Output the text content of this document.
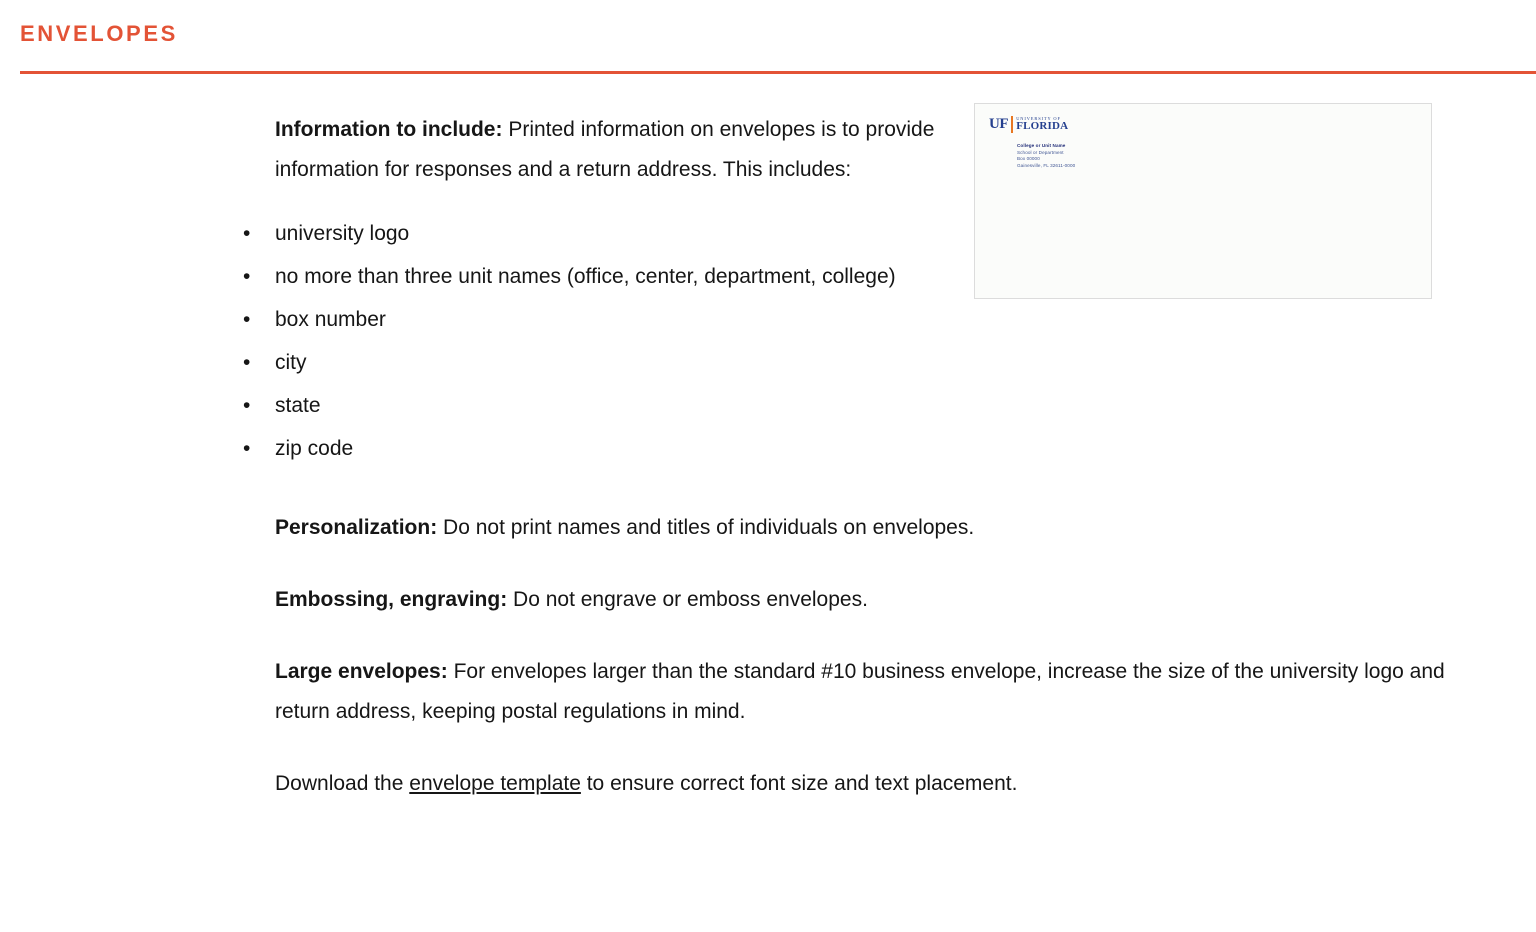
ENVELOPES
UF UNIVERSITY OF
FLORIDA
College or Unit Name
School or Department
Box 00000
Gainesville, FL 32611-0000

Information to include: Printed information on envelopes is to provide information for responses and a return address. This includes:

• university logo
• no more than three unit names (office, center, department, college)
• box number
• city
• state
• zip code

Personalization: Do not print names and titles of individuals on envelopes.

Embossing, engraving: Do not engrave or emboss envelopes.

Large envelopes: For envelopes larger than the standard #10 business envelope, increase the size of the university logo and return address, keeping postal regulations in mind.

Download the envelope template to ensure correct font size and text placement.
